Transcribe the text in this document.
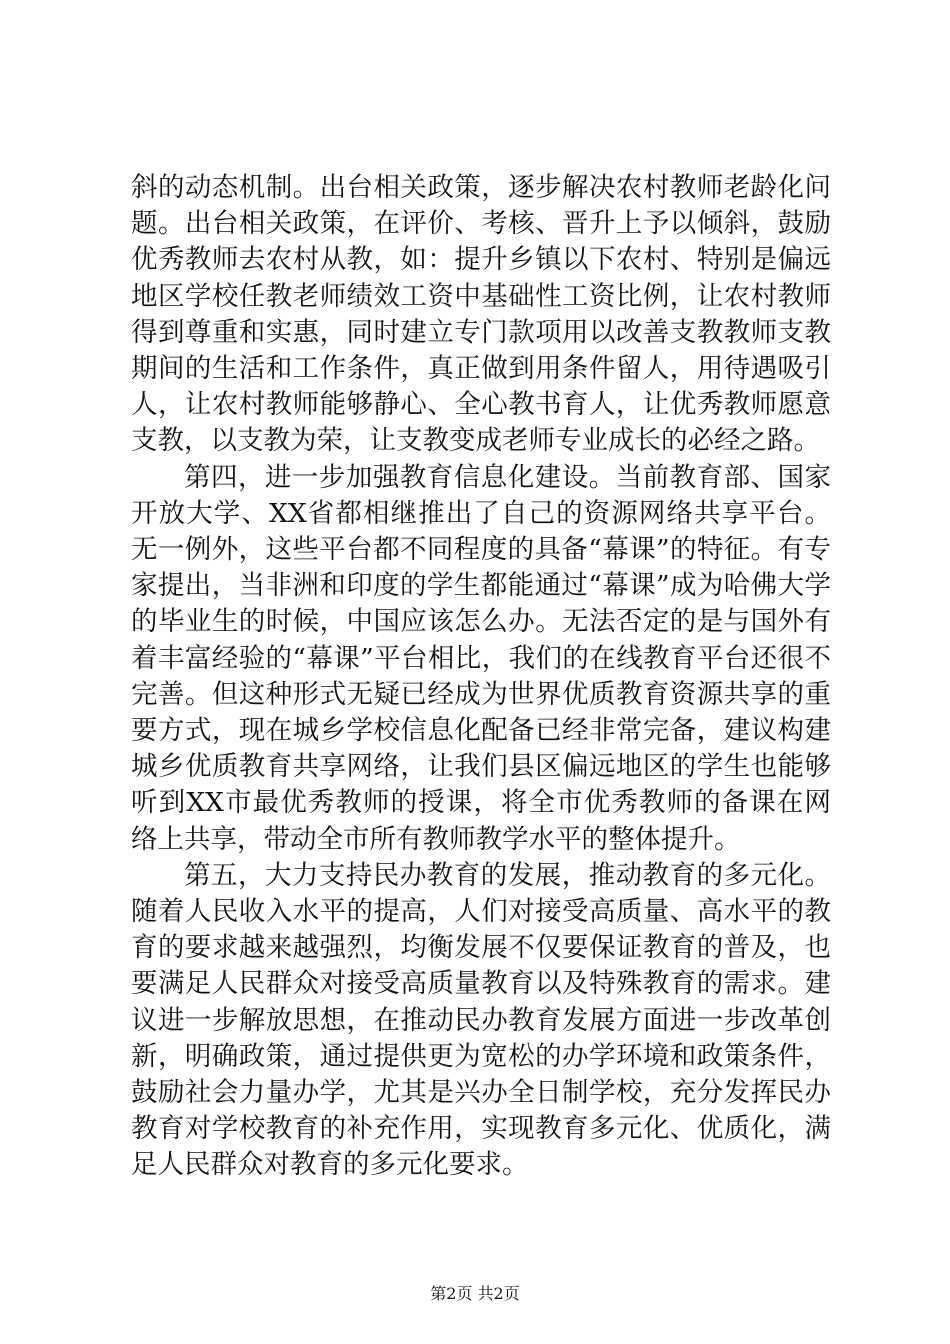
斜的动态机制。出台相关政策，逐步解决农村教师老龄化问题。出台相关政策，在评价、考核、晋升上予以倾斜，鼓励优秀教师去农村从教，如：提升乡镇以下农村、特别是偏远地区学校任教老师绩效工资中基础性工资比例，让农村教师得到尊重和实惠，同时建立专门款项用以改善支教教师支教期间的生活和工作条件，真正做到用条件留人，用待遇吸引人，让农村教师能够静心、全心教书育人，让优秀教师愿意支教，以支教为荣，让支教变成老师专业成长的必经之路。

第四，进一步加强教育信息化建设。当前教育部、国家开放大学、XX省都相继推出了自己的资源网络共享平台。无一例外，这些平台都不同程度的具备“幕课”的特征。有专家提出，当非洲和印度的学生都能通过“幕课”成为哈佛大学的毕业生的时候，中国应该怎么办。无法否定的是与国外有着丰富经验的“幕课”平台相比，我们的在线教育平台还很不完善。但这种形式无疑已经成为世界优质教育资源共享的重要方式，现在城乡学校信息化配备已经非常完备，建议构建城乡优质教育共享网络，让我们县区偏远地区的学生也能够听到XX市最优秀教师的授课，将全市优秀教师的备课在网络上共享，带动全市所有教师教学水平的整体提升。

第五，大力支持民办教育的发展，推动教育的多元化。随着人民收入水平的提高，人们对接受高质量、高水平的教育的要求越来越强烈，均衡发展不仅要保证教育的普及，也要满足人民群众对接受高质量教育以及特殊教育的需求。建议进一步解放思想，在推动民办教育发展方面进一步改革创新，明确政策，通过提供更为宽松的办学环境和政策条件，鼓励社会力量办学，尤其是兴办全日制学校，充分发挥民办教育对学校教育的补充作用，实现教育多元化、优质化，满足人民群众对教育的多元化要求。

第2页 共2页
